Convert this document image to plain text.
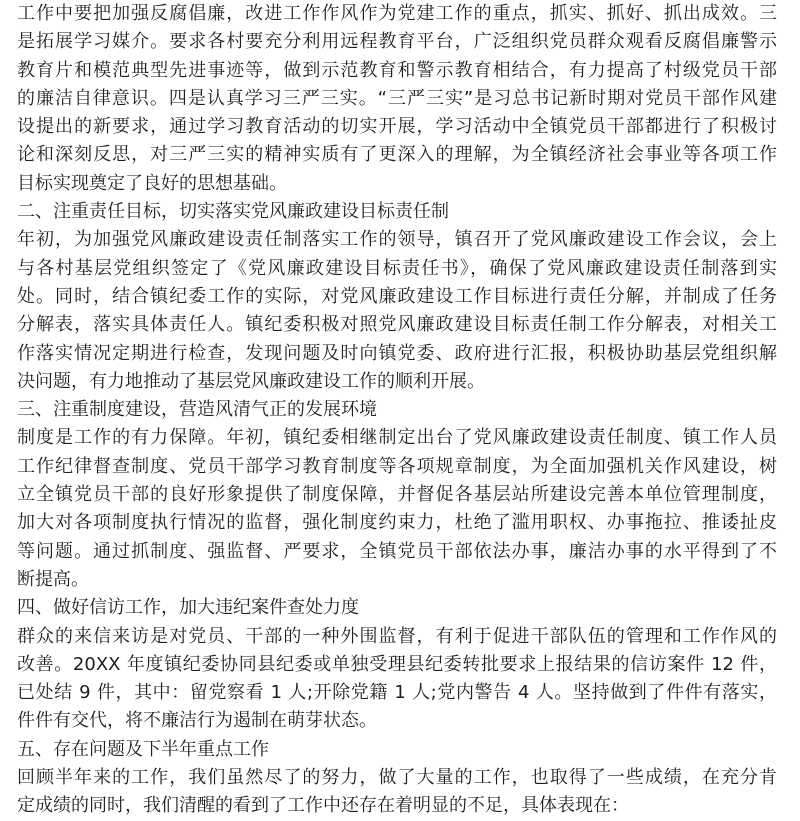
工作中要把加强反腐倡廉，改进工作作风作为党建工作的重点，抓实、抓好、抓出成效。三
是拓展学习媒介。要求各村要充分利用远程教育平台，广泛组织党员群众观看反腐倡廉警示
教育片和模范典型先进事迹等，做到示范教育和警示教育相结合，有力提高了村级党员干部
的廉洁自律意识。四是认真学习三严三实。“三严三实”是习总书记新时期对党员干部作风建
设提出的新要求，通过学习教育活动的切实开展，学习活动中全镇党员干部都进行了积极讨
论和深刻反思，对三严三实的精神实质有了更深入的理解，为全镇经济社会事业等各项工作
目标实现奠定了良好的思想基础。
二、注重责任目标，切实落实党风廉政建设目标责任制
年初，为加强党风廉政建设责任制落实工作的领导，镇召开了党风廉政建设工作会议，会上
与各村基层党组织签定了《党风廉政建设目标责任书》，确保了党风廉政建设责任制落到实
处。同时，结合镇纪委工作的实际，对党风廉政建设工作目标进行责任分解，并制成了任务
分解表，落实具体责任人。镇纪委积极对照党风廉政建设目标责任制工作分解表，对相关工
作落实情况定期进行检查，发现问题及时向镇党委、政府进行汇报，积极协助基层党组织解
决问题，有力地推动了基层党风廉政建设工作的顺利开展。
三、注重制度建设，营造风清气正的发展环境
制度是工作的有力保障。年初，镇纪委相继制定出台了党风廉政建设责任制度、镇工作人员
工作纪律督查制度、党员干部学习教育制度等各项规章制度，为全面加强机关作风建设，树
立全镇党员干部的良好形象提供了制度保障，并督促各基层站所建设完善本单位管理制度，
加大对各项制度执行情况的监督，强化制度约束力，杜绝了滥用职权、办事拖拉、推诿扯皮
等问题。通过抓制度、强监督、严要求，全镇党员干部依法办事，廉洁办事的水平得到了不
断提高。
四、做好信访工作，加大违纪案件查处力度
群众的来信来访是对党员、干部的一种外围监督，有利于促进干部队伍的管理和工作作风的
改善。20XX 年度镇纪委协同县纪委或单独受理县纪委转批要求上报结果的信访案件 12 件，
已处结 9 件，其中：留党察看 1 人;开除党籍 1 人;党内警告 4 人。坚持做到了件件有落实，
件件有交代，将不廉洁行为遏制在萌芽状态。
五、存在问题及下半年重点工作
回顾半年来的工作，我们虽然尽了的努力，做了大量的工作，也取得了一些成绩，在充分肯
定成绩的同时，我们清醒的看到了工作中还存在着明显的不足，具体表现在：
